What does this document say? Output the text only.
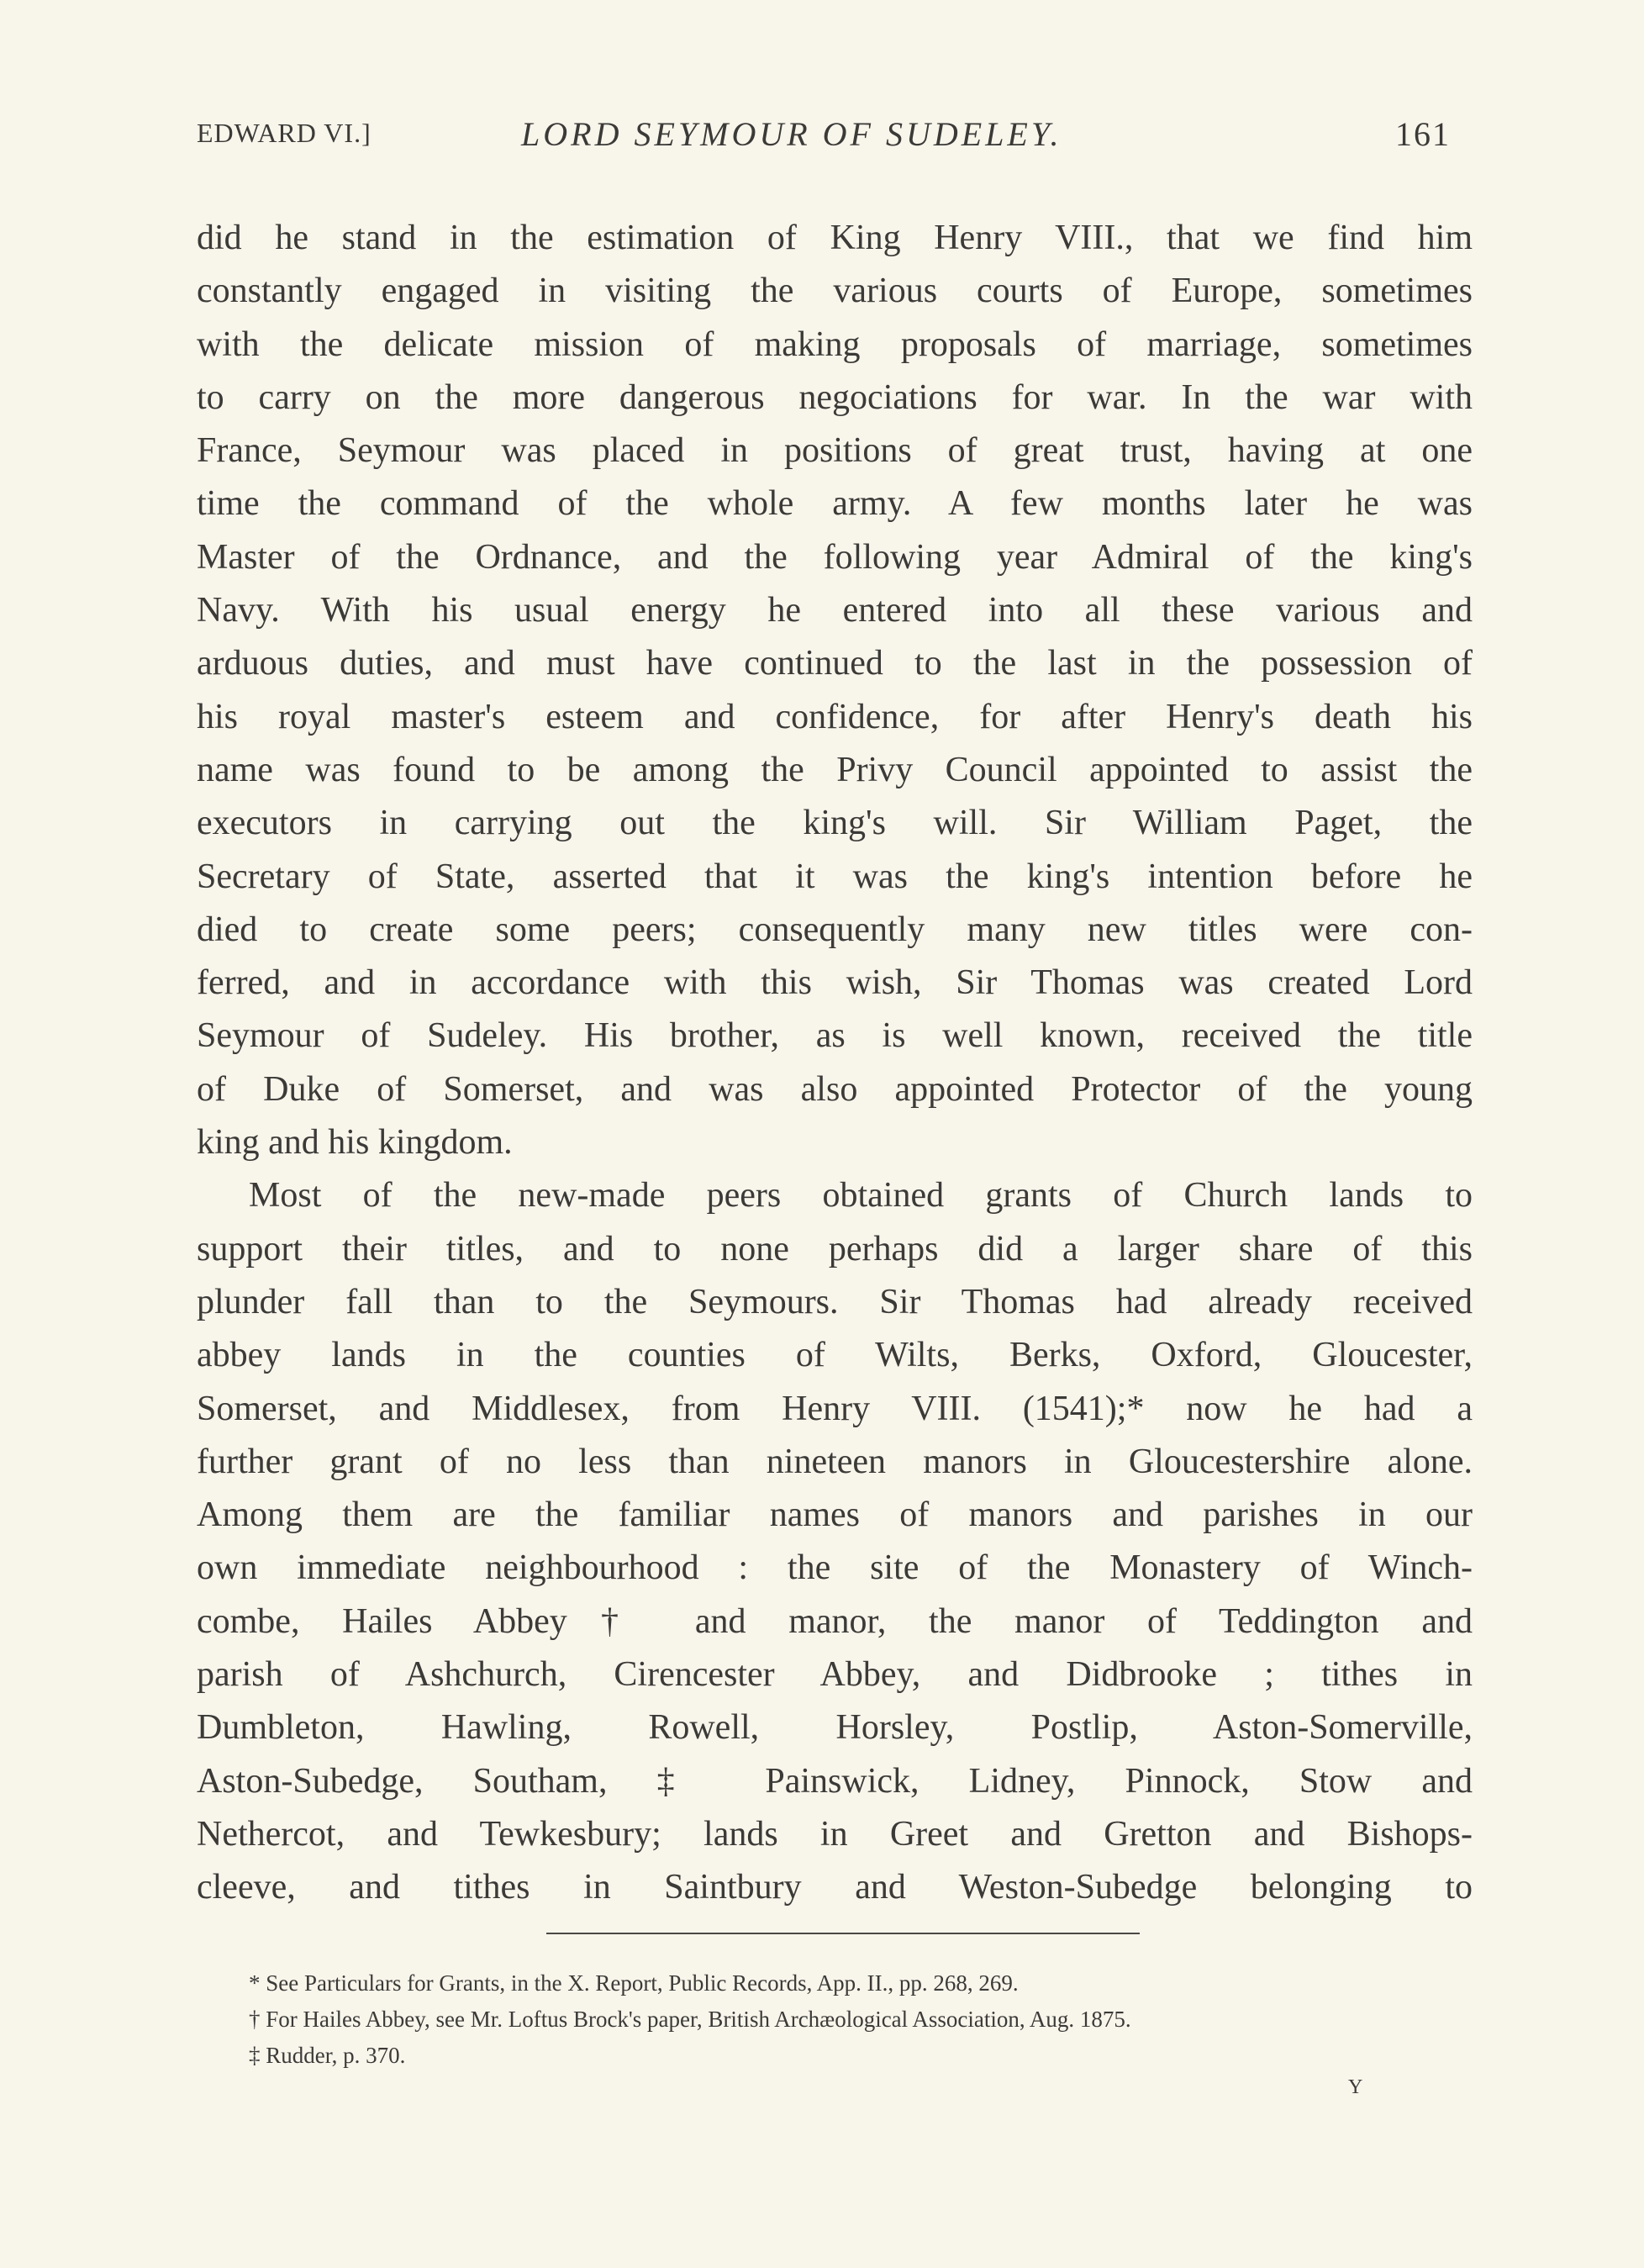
EDWARD VI.]	LORD SEYMOUR OF SUDELEY.	161
did he stand in the estimation of King Henry VIII., that we find him
constantly engaged in visiting the various courts of Europe, sometimes
with the delicate mission of making proposals of marriage, sometimes
to carry on the more dangerous negociations for war. In the war with
France, Seymour was placed in positions of great trust, having at one
time the command of the whole army. A few months later he was
Master of the Ordnance, and the following year Admiral of the king's
Navy. With his usual energy he entered into all these various and
arduous duties, and must have continued to the last in the possession of
his royal master's esteem and confidence, for after Henry's death his
name was found to be among the Privy Council appointed to assist the
executors in carrying out the king's will. Sir William Paget, the
Secretary of State, asserted that it was the king's intention before he
died to create some peers; consequently many new titles were con-
ferred, and in accordance with this wish, Sir Thomas was created Lord
Seymour of Sudeley. His brother, as is well known, received the title
of Duke of Somerset, and was also appointed Protector of the young
king and his kingdom.
Most of the new-made peers obtained grants of Church lands to
support their titles, and to none perhaps did a larger share of this
plunder fall than to the Seymours. Sir Thomas had already received
abbey lands in the counties of Wilts, Berks, Oxford, Gloucester,
Somerset, and Middlesex, from Henry VIII. (1541);* now he had a
further grant of no less than nineteen manors in Gloucestershire alone.
Among them are the familiar names of manors and parishes in our
own immediate neighbourhood : the site of the Monastery of Winch-
combe, Hailes Abbey† and manor, the manor of Teddington and
parish of Ashchurch, Cirencester Abbey, and Didbrooke ; tithes in
Dumbleton, Hawling, Rowell, Horsley, Postlip, Aston-Somerville,
Aston-Subedge, Southam, ‡ Painswick, Lidney, Pinnock, Stow and
Nethercot, and Tewkesbury; lands in Greet and Gretton and Bishops-
cleeve, and tithes in Saintbury and Weston-Subedge belonging to
* See Particulars for Grants, in the X. Report, Public Records, App. II., pp. 268, 269.
† For Hailes Abbey, see Mr. Loftus Brock's paper, British Archæological Association, Aug. 1875.
‡ Rudder, p. 370.
Y
